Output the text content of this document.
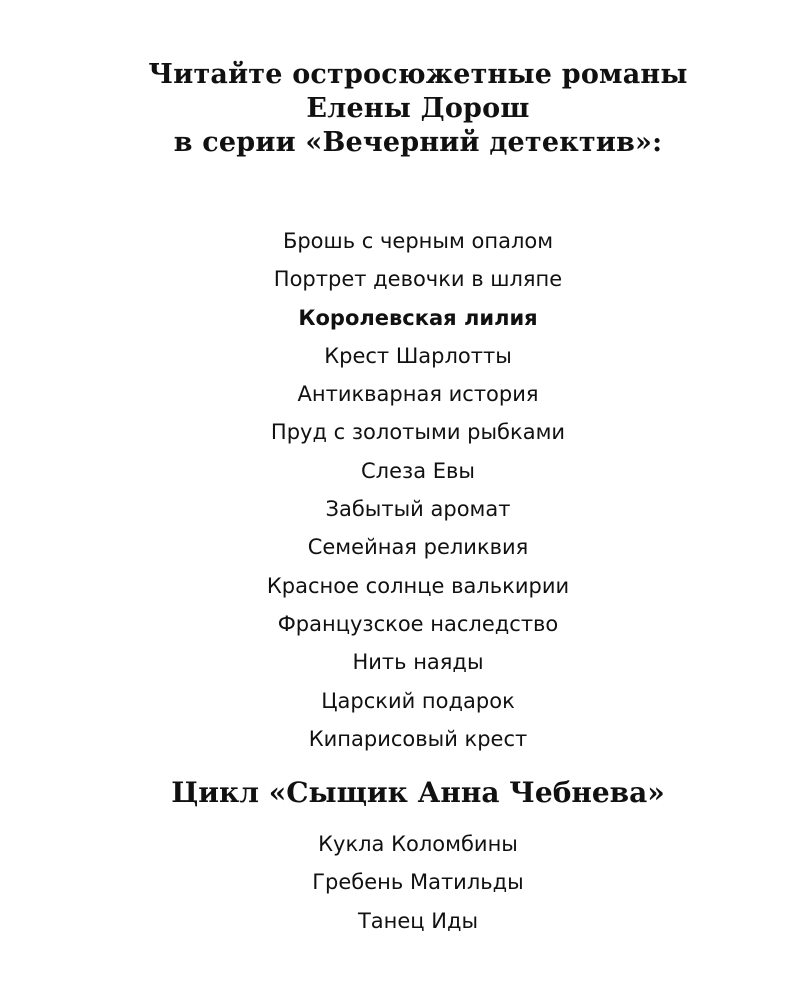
Читайте остросюжетные романы
Елены Дорош
в серии «Вечерний детектив»:
Брошь с черным опалом
Портрет девочки в шляпе
Королевская лилия
Крест Шарлотты
Антикварная история
Пруд с золотыми рыбками
Слеза Евы
Забытый аромат
Семейная реликвия
Красное солнце валькирии
Французское наследство
Нить наяды
Царский подарок
Кипарисовый крест
Цикл «Сыщик Анна Чебнева»
Кукла Коломбины
Гребень Матильды
Танец Иды
